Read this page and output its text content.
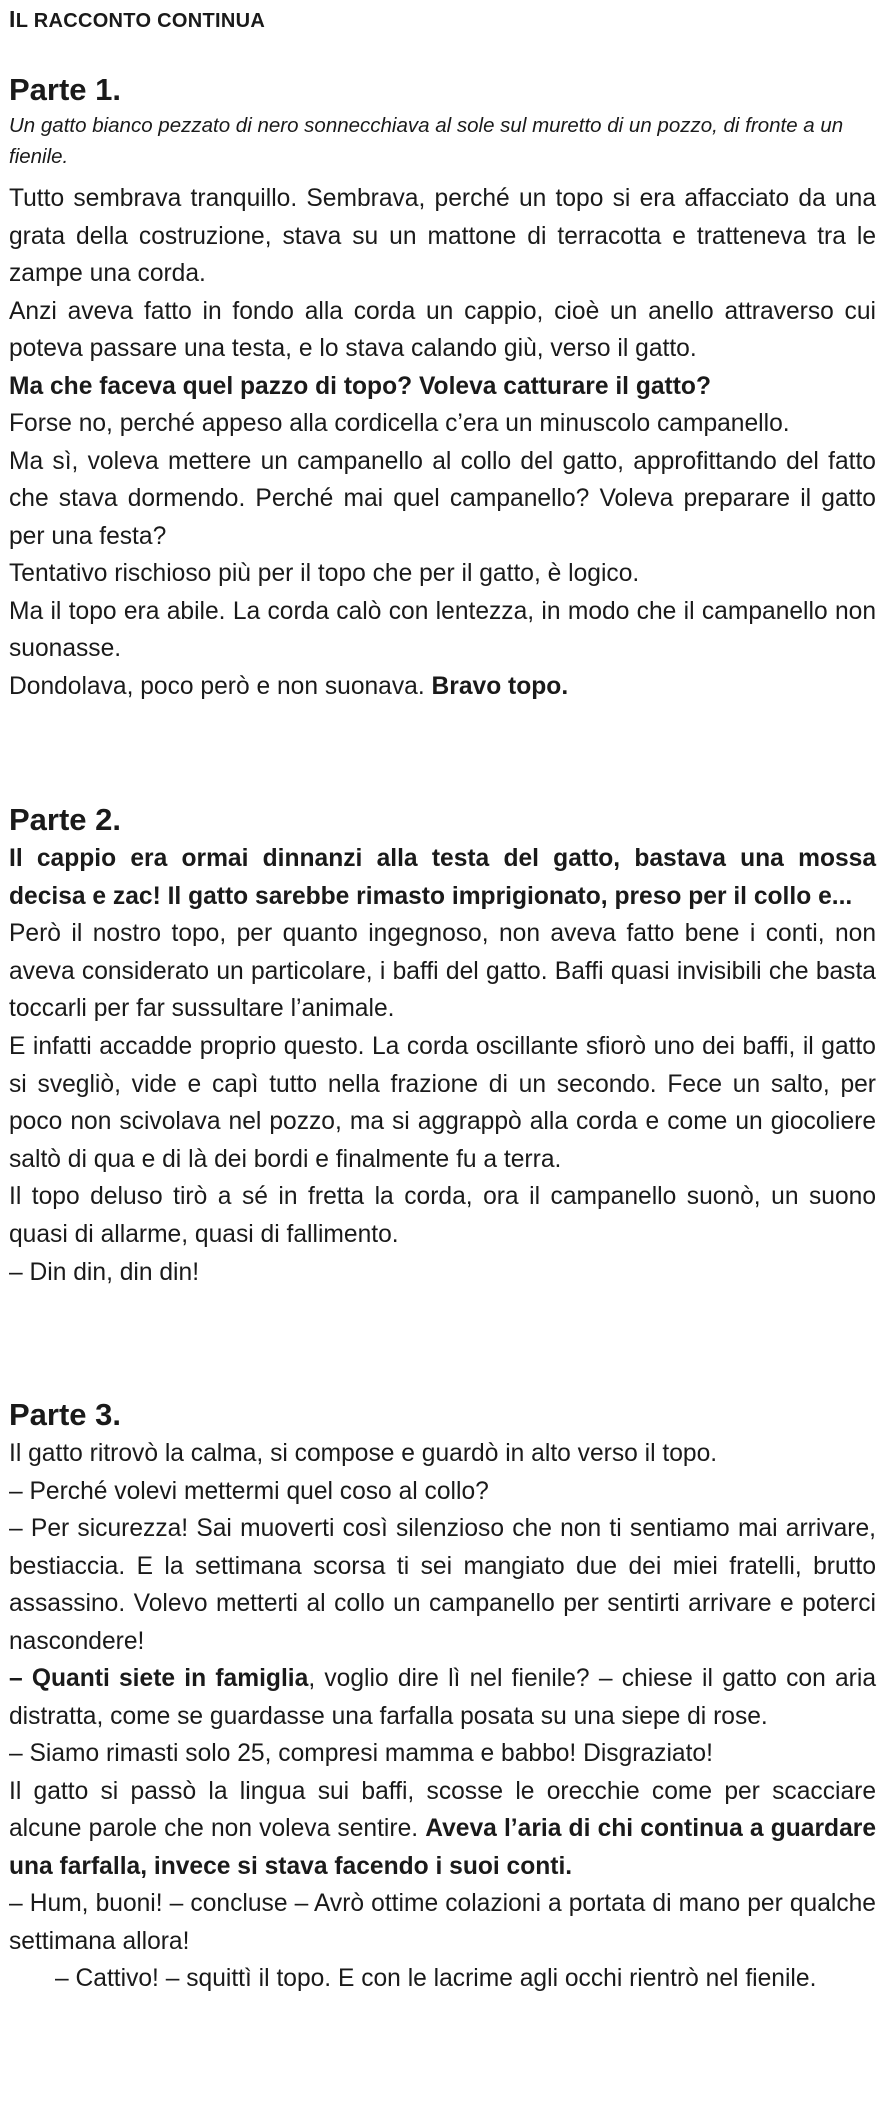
IL RACCONTO CONTINUA
Parte 1.

Un gatto bianco pezzato di nero sonnecchiava al sole sul muretto di un pozzo, di fronte a un fienile.

Tutto sembrava tranquillo. Sembrava, perché un topo si era affacciato da una grata della costruzione, stava su un mattone di terracotta e tratteneva tra le zampe una corda.

Anzi aveva fatto in fondo alla corda un cappio, cioè un anello attraverso cui poteva passare una testa, e lo stava calando giù, verso il gatto.

Ma che faceva quel pazzo di topo? Voleva catturare il gatto?

Forse no, perché appeso alla cordicella c’era un minuscolo campanello.

Ma sì, voleva mettere un campanello al collo del gatto, approfittando del fatto che stava dormendo. Perché mai quel campanello? Voleva preparare il gatto per una festa?

Tentativo rischioso più per il topo che per il gatto, è logico.

Ma il topo era abile. La corda calò con lentezza, in modo che il campanello non suonasse.

Dondolava, poco però e non suonava. Bravo topo.

Parte 2.

Il cappio era ormai dinnanzi alla testa del gatto, bastava una mossa decisa e zac! Il gatto sarebbe rimasto imprigionato, preso per il collo e...

Però il nostro topo, per quanto ingegnoso, non aveva fatto bene i conti, non aveva considerato un particolare, i baffi del gatto. Baffi quasi invisibili che basta toccarli per far sussultare l’animale.

E infatti accadde proprio questo. La corda oscillante sfiorò uno dei baffi, il gatto si svegliò, vide e capì tutto nella frazione di un secondo. Fece un salto, per poco non scivolava nel pozzo, ma si aggrappò alla corda e come un giocoliere saltò di qua e di là dei bordi e finalmente fu a terra.

Il topo deluso tirò a sé in fretta la corda, ora il campanello suonò, un suono quasi di allarme, quasi di fallimento.

– Din din, din din!

Parte 3.

Il gatto ritrovò la calma, si compose e guardò in alto verso il topo.

– Perché volevi mettermi quel coso al collo?

– Per sicurezza! Sai muoverti così silenzioso che non ti sentiamo mai arrivare, bestiaccia. E la settimana scorsa ti sei mangiato due dei miei fratelli, brutto assassino. Volevo metterti al collo un campanello per sentirti arrivare e poterci nascondere!

– Quanti siete in famiglia, voglio dire lì nel fienile? – chiese il gatto con aria distratta, come se guardasse una farfalla posata su una siepe di rose.

– Siamo rimasti solo 25, compresi mamma e babbo! Disgraziato!

Il gatto si passò la lingua sui baffi, scosse le orecchie come per scacciare alcune parole che non voleva sentire. Aveva l’aria di chi continua a guardare una farfalla, invece si stava facendo i suoi conti.

– Hum, buoni! – concluse – Avrò ottime colazioni a portata di mano per qualche settimana allora!

– Cattivo! – squittì il topo. E con le lacrime agli occhi rientrò nel fienile.
